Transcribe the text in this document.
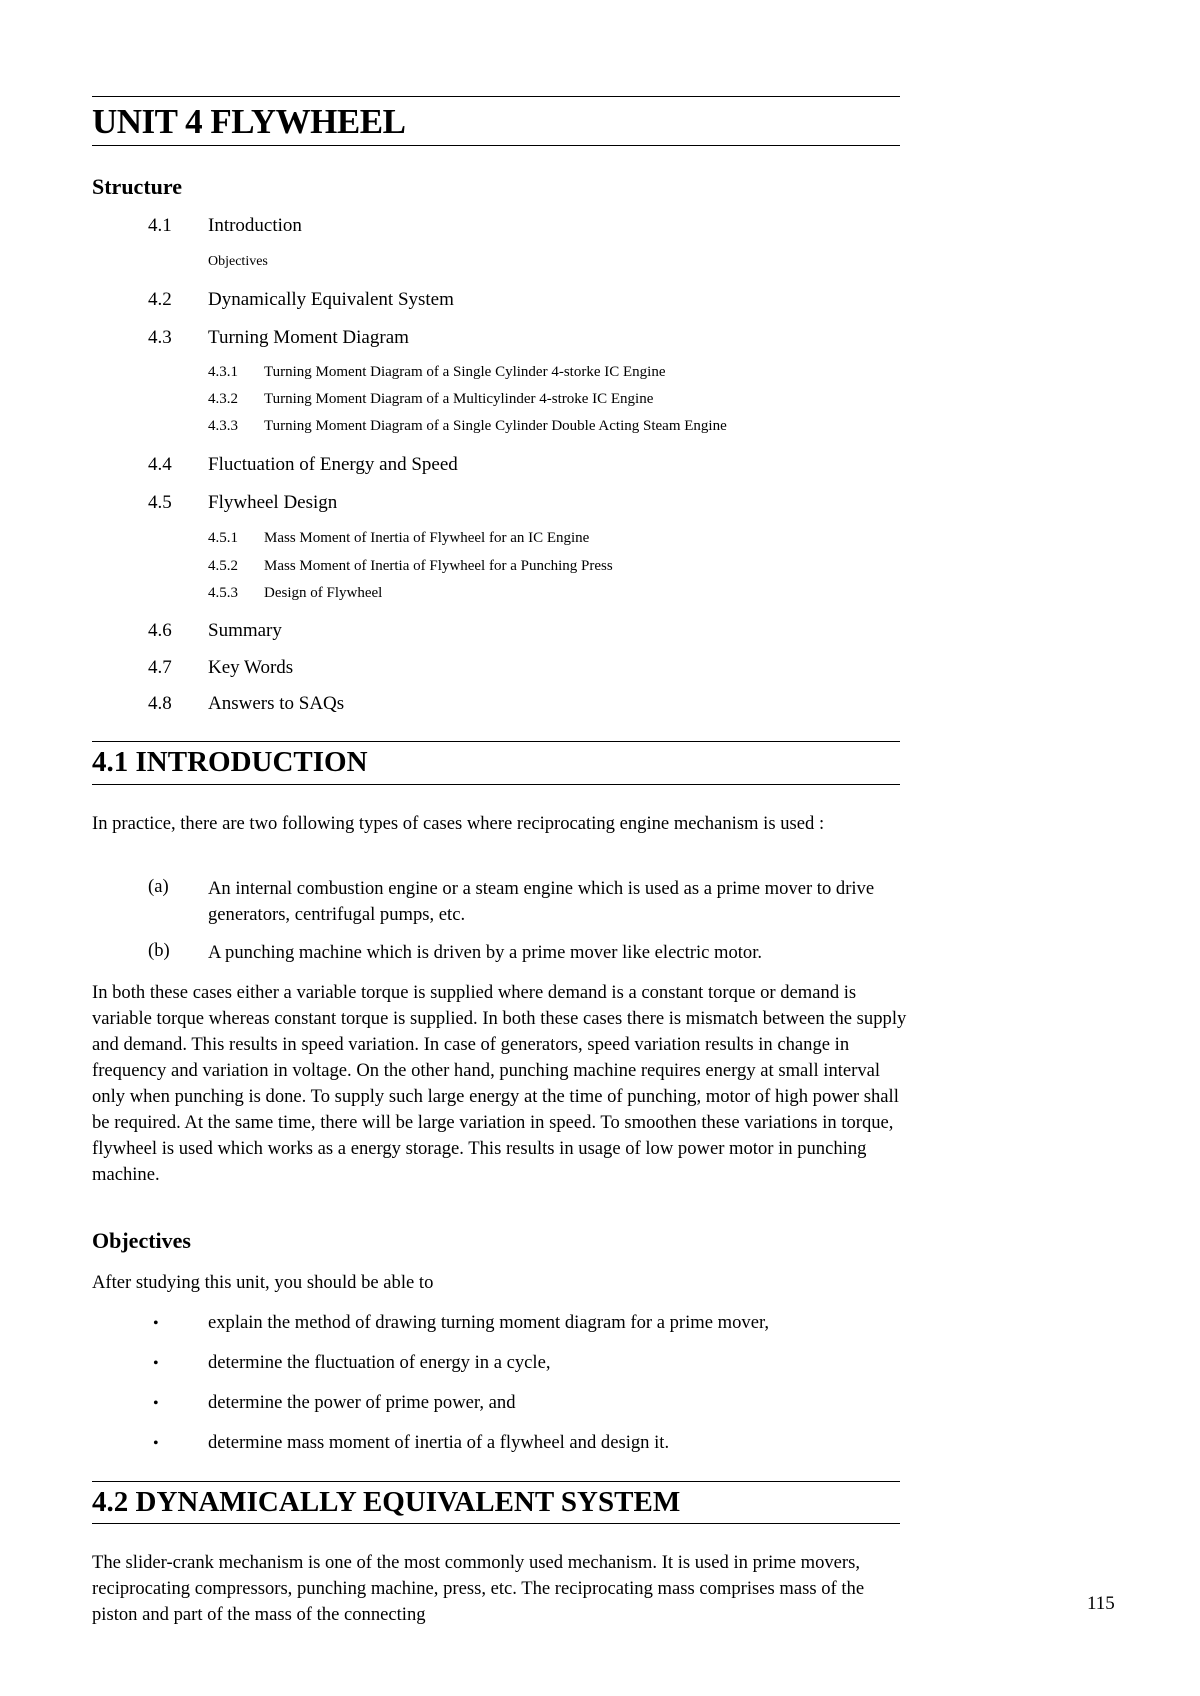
UNIT 4 FLYWHEEL
Structure
4.1 Introduction
Objectives
4.2 Dynamically Equivalent System
4.3 Turning Moment Diagram
4.3.1 Turning Moment Diagram of a Single Cylinder 4-storke IC Engine
4.3.2 Turning Moment Diagram of a Multicylinder 4-stroke IC Engine
4.3.3 Turning Moment Diagram of a Single Cylinder Double Acting Steam Engine
4.4 Fluctuation of Energy and Speed
4.5 Flywheel Design
4.5.1 Mass Moment of Inertia of Flywheel for an IC Engine
4.5.2 Mass Moment of Inertia of Flywheel for a Punching Press
4.5.3 Design of Flywheel
4.6 Summary
4.7 Key Words
4.8 Answers to SAQs
4.1 INTRODUCTION
In practice, there are two following types of cases where reciprocating engine mechanism is used :
(a) An internal combustion engine or a steam engine which is used as a prime mover to drive generators, centrifugal pumps, etc.
(b) A punching machine which is driven by a prime mover like electric motor.
In both these cases either a variable torque is supplied where demand is a constant torque or demand is variable torque whereas constant torque is supplied. In both these cases there is mismatch between the supply and demand. This results in speed variation. In case of generators, speed variation results in change in frequency and variation in voltage. On the other hand, punching machine requires energy at small interval only when punching is done. To supply such large energy at the time of punching, motor of high power shall be required. At the same time, there will be large variation in speed. To smoothen these variations in torque, flywheel is used which works as a energy storage. This results in usage of low power motor in punching machine.
Objectives
After studying this unit, you should be able to
•	explain the method of drawing turning moment diagram for a prime mover,
•	determine the fluctuation of energy in a cycle,
•	determine the power of prime power, and
•	determine mass moment of inertia of a flywheel and design it.
4.2 DYNAMICALLY EQUIVALENT SYSTEM
The slider-crank mechanism is one of the most commonly used mechanism. It is used in prime movers, reciprocating compressors, punching machine, press, etc. The reciprocating mass comprises mass of the piston and part of the mass of the connecting
115
